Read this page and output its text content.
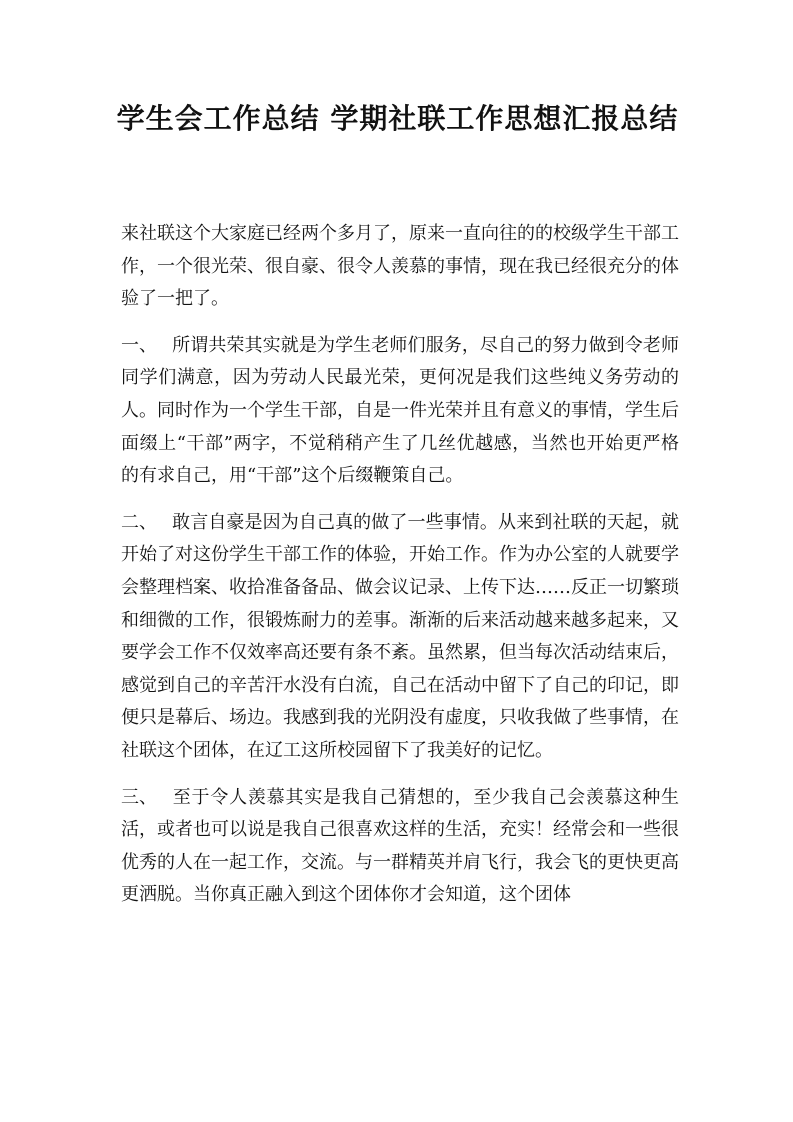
学生会工作总结 学期社联工作思想汇报总结

来社联这个大家庭已经两个多月了，原来一直向往的的校级学生干部工作，一个很光荣、很自豪、很令人羡慕的事情，现在我已经很充分的体验了一把了。

一、 所谓共荣其实就是为学生老师们服务，尽自己的努力做到令老师同学们满意，因为劳动人民最光荣，更何况是我们这些纯义务劳动的人。同时作为一个学生干部，自是一件光荣并且有意义的事情，学生后面缀上“干部”两字，不觉稍稍产生了几丝优越感，当然也开始更严格的有求自己，用“干部”这个后缀鞭策自己。

二、 敢言自豪是因为自己真的做了一些事情。从来到社联的天起，就开始了对这份学生干部工作的体验，开始工作。作为办公室的人就要学会整理档案、收拾准备备品、做会议记录、上传下达……反正一切繁琐和细微的工作，很锻炼耐力的差事。渐渐的后来活动越来越多起来，又要学会工作不仅效率高还要有条不紊。虽然累，但当每次活动结束后，感觉到自己的辛苦汗水没有白流，自己在活动中留下了自己的印记，即便只是幕后、场边。我感到我的光阴没有虚度，只收我做了些事情，在社联这个团体，在辽工这所校园留下了我美好的记忆。

三、 至于令人羡慕其实是我自己猜想的，至少我自己会羡慕这种生活，或者也可以说是我自己很喜欢这样的生活，充实！经常会和一些很优秀的人在一起工作，交流。与一群精英并肩飞行，我会飞的更快更高更洒脱。当你真正融入到这个团体你才会知道，这个团体
